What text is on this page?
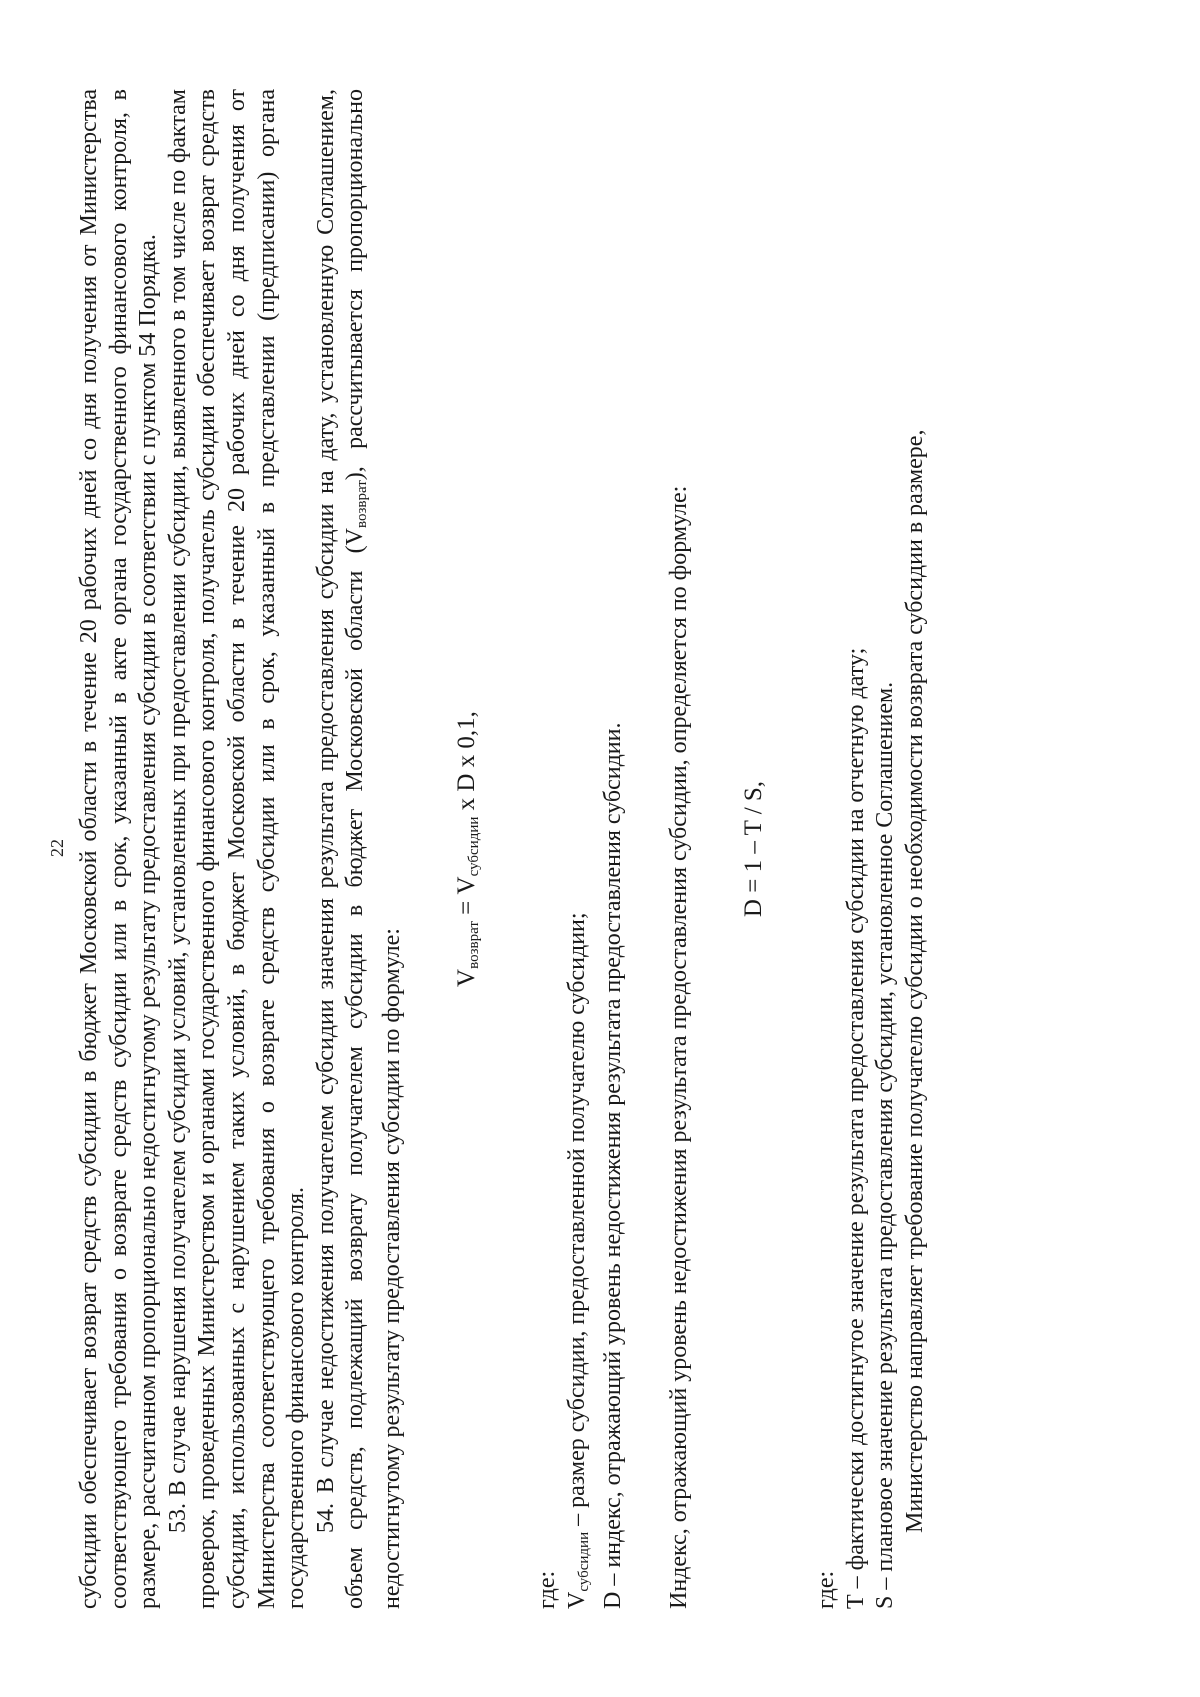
22 субсидии обеспечивает возврат средств субсидии в бюджет Московской области в течение 20 рабочих дней со дня получения от Министерства соответствующего требования о возврате средств субсидии или в срок, указанный в акте органа государственного финансового контроля, в размере, рассчитанном пропорционально недостигнутому результату предоставления субсидии в соответствии с пунктом 54 Порядка. 53. В случае нарушения получателем субсидии условий, установленных при предоставлении субсидии, выявленного в том числе по фактам проверок, проведенных Министерством и органами государственного финансового контроля, получатель субсидии обеспечивает возврат средств субсидии, использованных с нарушением таких условий, в бюджет Московской области в течение 20 рабочих дней со дня получения от Министерства соответствующего требования о возврате средств субсидии или в срок, указанный в представлении (предписании) органа государственного финансового контроля. 54. В случае недостижения получателем субсидии значения результата предоставления субсидии на дату, установленную Соглашением, объем средств, подлежащий возврату получателем субсидии в бюджет Московской области $(V_{возврат})$, рассчитывается пропорционально недостигнутому результату предоставления субсидии по формуле: $V_{возврат} = V_{субсидии}$ x D x 0,1,
где: $V_{субсидии}$ – размер субсидии, предоставленной получателю субсидии; D – индекс, отражающий уровень недостижения результата предоставления субсидии. Индекс, отражающий уровень недостижения результата предоставления субсидии, определяется по формуле: D = 1 – T / S,
где: Т – фактически достигнутое значение результата предоставления субсидии на отчетную дату; S – плановое значение результата предоставления субсидии, установленное Соглашением. Министерство направляет требование получателю субсидии о необходимости возврата субсидии в размере,
